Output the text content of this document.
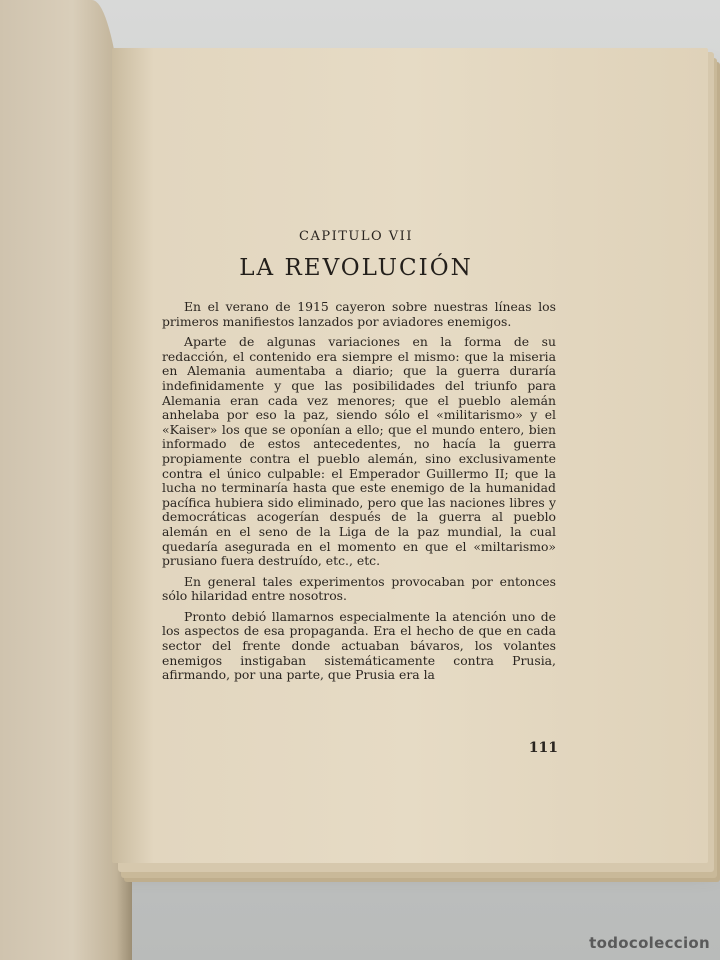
CAPITULO VII
LA REVOLUCIÓN

En el verano de 1915 cayeron sobre nuestras líneas los primeros manifiestos lanzados por aviadores enemigos.

Aparte de algunas variaciones en la forma de su redacción, el contenido era siempre el mismo: que la miseria en Alemania aumentaba a diario; que la guerra duraría indefinidamente y que las posibilidades del triunfo para Alemania eran cada vez menores; que el pueblo alemán anhelaba por eso la paz, siendo sólo el «militarismo» y el «Kaiser» los que se oponían a ello; que el mundo entero, bien informado de estos antecedentes, no hacía la guerra propiamente contra el pueblo alemán, sino exclusivamente contra el único culpable: el Emperador Guillermo II; que la lucha no terminaría hasta que este enemigo de la humanidad pacífica hubiera sido eliminado, pero que las naciones libres y democráticas acogerían después de la guerra al pueblo alemán en el seno de la Liga de la paz mundial, la cual quedaría asegurada en el momento en que el «miltarismo» prusiano fuera destruído, etc., etc.

En general tales experimentos provocaban por entonces sólo hilaridad entre nosotros.

Pronto debió llamarnos especialmente la atención uno de los aspectos de esa propaganda. Era el hecho de que en cada sector del frente donde actuaban bávaros, los volantes enemigos instigaban sistemáticamente contra Prusia, afirmando, por una parte, que Prusia era la

111
todocoleccion
